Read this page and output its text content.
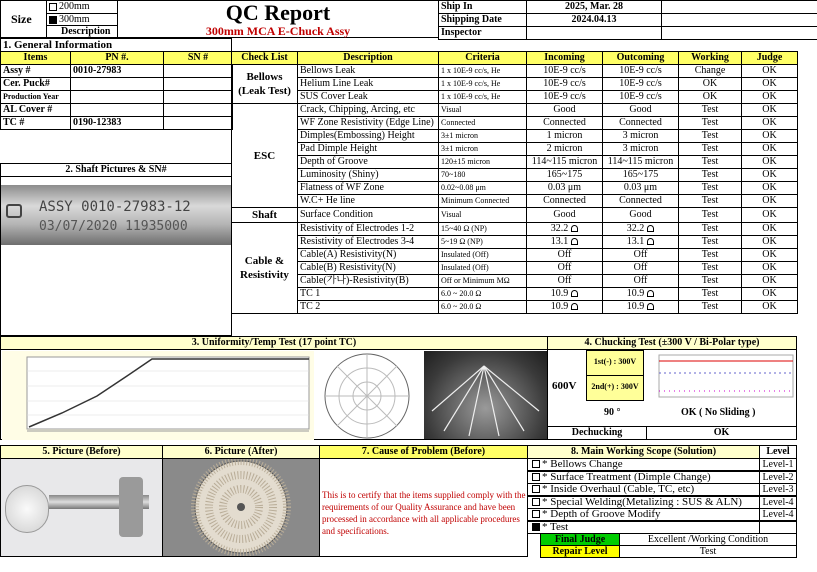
Size
200mm
300mm
Description
QC Report
300mm MCA E-Chuck Assy
Ship In	2025, Mar. 28	
Shipping Date	2024.04.13	
Inspector		
1. General Information
Items	PN #.	SN #
Assy #	0010-27983	
Cer. Puck#		
Production Year		
AL Cover #		
TC #	0190-12383	
2. Shaft Pictures & SN#
ASSY 0010-27983-12
03/07/2020 11935000
Check List	Description	Criteria	Incoming	Outcoming	Working	Judge
Bellows (Leak Test)	Bellows Leak	1 x 10E-9 cc/s, He	10E-9 cc/s	10E-9 cc/s	Change	OK
	Helium Line Leak	1 x 10E-9 cc/s, He	10E-9 cc/s	10E-9 cc/s	OK	OK
	SUS Cover Leak	1 x 10E-9 cc/s, He	10E-9 cc/s	10E-9 cc/s	OK	OK
ESC	Crack, Chipping, Arcing, etc	Visual	Good	Good	Test	OK
	WF Zone Resistivity (Edge Line)	Connected	Connected	Connected	Test	OK
	Dimples(Embossing) Height	3±1 micron	1 micron	3 micron	Test	OK
	Pad Dimple Height	3±1 micron	2 micron	3 micron	Test	OK
	Depth of Groove	120±15 micron	114~115 micron	114~115 micron	Test	OK
	Luminosity (Shiny)	70~180	165~175	165~175	Test	OK
	Flatness of WF Zone	0.02~0.08 μm	0.03 μm	0.03 μm	Test	OK
	W.C+ He line	Minimum Connected	Connected	Connected	Test	OK
Shaft	Surface Condition	Visual	Good	Good	Test	OK
Cable & Resistivity	Resistivity of Electrodes 1-2	15~40 Ω (NP)	32.2	32.2	Test	OK
	Resistivity of Electrodes 3-4	5~19 Ω (NP)	13.1	13.1	Test	OK
	Cable(A) Resistivity(N)	Insulated (Off)	Off	Off	Test	OK
	Cable(B) Resistivity(N)	Insulated (Off)	Off	Off	Test	OK
	Cable(가나)-Resistivity(B)	Off or Minimum MΩ	Off	Off	Test	OK
	TC 1	6.0 ~ 20.0 Ω	10.9	10.9	Test	OK
	TC 2	6.0 ~ 20.0 Ω	10.9	10.9	Test	OK
3. Uniformity/Temp Test (17 point TC)	4. Chucking Test (±300 V / Bi-Polar type)
600V
1st(-) : 300V
2nd(+) : 300V
90 °	OK ( No Sliding )
Dechucking	OK
5. Picture (Before)	6. Picture (After)	7. Cause of Problem (Before)
This is to certify that the items supplied comply with the requirements of our Quality Assurance and have been processed in accordance with all applicable procedures and specifications.
8. Main Working Scope (Solution)	Level
* Bellows Change	Level-1
* Surface Treatment (Dimple Change)	Level-2
* Inside Overhaul (Cable, TC, etc)	Level-3
* Special Welding(Metalizing : SUS & ALN)	Level-4
* Depth of Groove Modify	Level-4
* Test
Final Judge	Excellent /Working Condition
Repair Level	Test
